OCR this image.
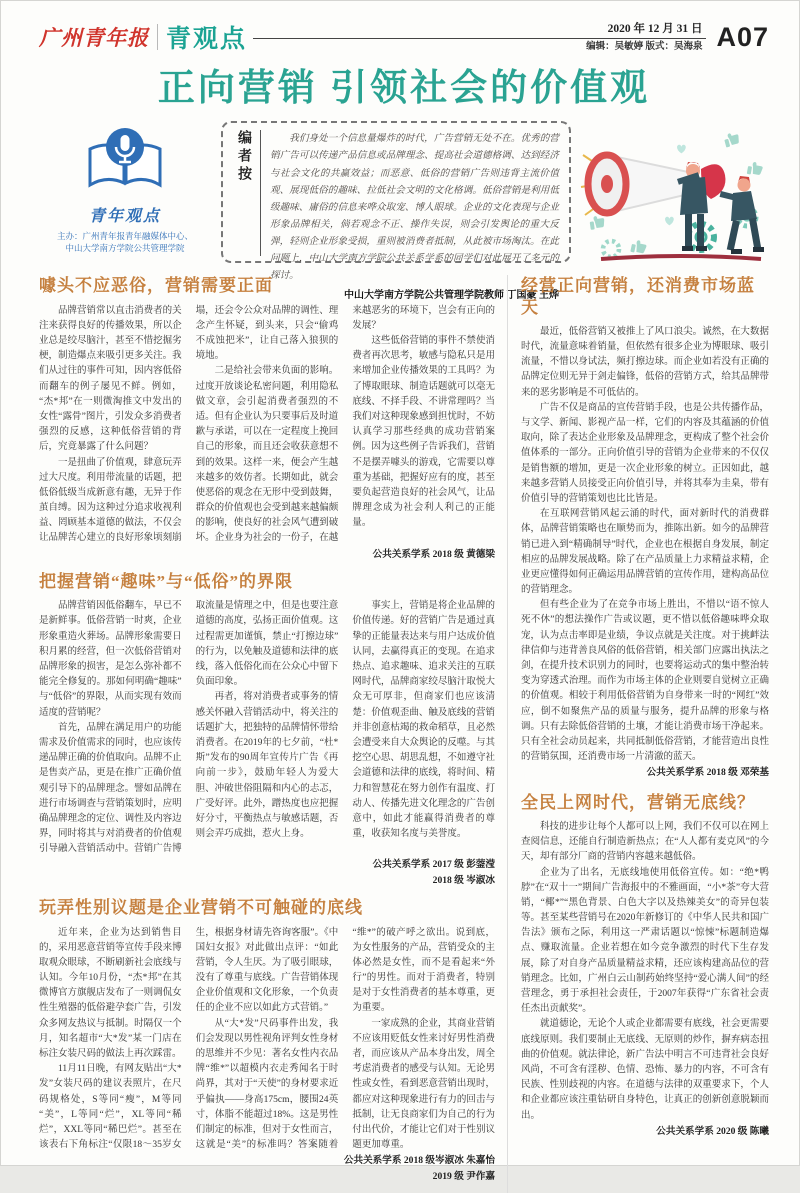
广州青年报 青观点	2020 年 12 月 31 日
编辑：吴敏婷 版式：吴海泉 A07
正向营销 引领社会的价值观
青年观点
主办：广州青年报青年融媒体中心、
中山大学南方学院公共管理学院
编者按	我们身处一个信息量爆炸的时代，广告营销无处不在。优秀的营销广告可以传递产品信息或品牌理念、提高社会道德格调、达到经济与社会文化的共赢效益；而恶意、低俗的营销广告则违背主流价值观、展现低俗的趣味、拉低社会文明的文化格调。低俗营销是利用低级趣味、庸俗的信息来哗众取宠、博人眼球。企业的文化表现与企业形象品牌相关，倘若观念不正、操作失误，则会引发舆论的重大反弹，轻则企业形象受损，重则被消费者抵制，从此被市场淘汰。在此问题上，中山大学南方学院公共关系学系的同学们对此展开了多元的探讨。

中山大学南方学院公共管理学院教师 丁国豪 王烨
噱头不应恶俗，营销需要正面

品牌营销常以直击消费者的关注来获得良好的传播效果，所以企业总是绞尽脑汁，甚至不惜挖掘劣梗，制造爆点来吸引更多关注。我们从过往的事件可知，因内容低俗而翻车的例子屡见不鲜。例如，“杰*邦”在一则微淘推文中发出的女性“露骨”图片，引发众多消费者强烈的反感，这种低俗营销的背后，究竟暴露了什么问题？

一是扭曲了价值观，肆意玩弄过大尺度。利用带流量的话题，把低俗低级当成新意有趣，无异于作茧自缚。因为这种过分追求收视利益、罔顾基本道德的做法，不仅会让品牌苦心建立的良好形象顷刻崩塌，还会令公众对品牌的调性、理念产生怀疑，到头来，只会“偷鸡不成蚀把米”，让自己落入狼狈的境地。

二是给社会带来负面的影响。过度开放谈论私密问题，利用隐私做文章，会引起消费者强烈的不适。但有企业认为只要事后及时道歉与承诺，可以在一定程度上挽回自己的形象，而且还会收获意想不到的效果。这样一来，便会产生越来越多的效仿者。长期如此，就会使恶俗的观念在无形中受到鼓舞，群众的价值观也会受到越来越偏颇的影响，使良好的社会风气遭到破坏。企业身为社会的一份子，在越来越恶劣的环境下，岂会有正向的发展？

这些低俗营销的事件不禁使消费者再次思考，敏感与隐私只是用来增加企业传播效果的工具吗？为了博取眼球、制造话题就可以毫无底线、不择手段、不讲常理吗？当我们对这种现象感到担忧时，不妨认真学习那些经典的成功营销案例。因为这些例子告诉我们，营销不是摆弄噱头的游戏，它需要以尊重为基础，把握好应有的度，甚至要负起营造良好的社会风气，让品牌理念成为社会利人利己的正能量。

公共关系学系 2018 级 黄德梁

把握营销“趣味”与“低俗”的界限

品牌营销因低俗翻车，早已不是新鲜事。低俗营销一时爽，企业形象重造火葬场。品牌形象需要日积月累的经营，但一次低俗营销对品牌形象的损害，是怎么弥补都不能完全修复的。那如何明确“趣味”与“低俗”的界限，从而实现有效而适度的营销呢？

首先，品牌在满足用户的功能需求及价值需求的同时，也应该传递品牌正确的价值取向。品牌不止是售卖产品，更是在推广正确价值观引导下的品牌理念。譬如品牌在进行市场调查与营销策划时，应明确品牌理念的定位、调性及内容边界，同时将其与对消费者的价值观引导融入营销活动中。营销广告博取流量是情理之中，但是也要注意道德的高度，弘扬正面价值观。这过程需更加谨慎，禁止“打擦边球”的行为，以免触及道德和法律的底线，落入低俗化而在公众心中留下负面印象。

再者，将对消费者或事务的情感关怀融入营销活动中，将关注的话题扩大，把独特的品牌情怀带给消费者。在2019年的七夕前，“杜*斯”发布的90周年宣传片广告《再向前一步》，鼓励年轻人为爱大胆、冲破世俗阻隔和内心的忐忑，广受好评。此外，蹭热度也应把握好分寸，平衡热点与敏感话题，否则会弄巧成拙，惹火上身。

事实上，营销是将企业品牌的价值传递。好的营销广告是通过真挚的正能量表达来与用户达成价值认同，去赢得真正的变现。在追求热点、追求趣味、追求关注的互联网时代，品牌商家绞尽脑汁取悦大众无可厚非，但商家们也应该清楚：价值观歪曲、触及底线的营销并非创意枯竭的救命稻草，且必然会遭受来自大众舆论的反噬。与其挖空心思、胡思乱想，不如遵守社会道德和法律的底线，将时间、精力和智慧花在努力创作有温度、打动人、传播先进文化理念的广告创意中，如此才能赢得消费者的尊重，收获知名度与美誉度。

公共关系学系 2017 级 彭蓥滢

2018 级 岑淑冰

玩弄性别议题是企业营销不可触碰的底线

近年来，企业为达到销售目的，采用恶意营销等宣传手段来博取观众眼球，不断刷新社会底线与认知。今年10月份，“杰*邦”在其微博官方旗舰店发布了一则调侃女性生殖器的低俗避孕套广告，引发众多网友热议与抵制。时隔仅一个月，知名超市“大*发”某一门店在标注女装尺码的做法上再次踩雷。

11月11日晚，有网友贴出“大*发”女装尺码的建议表照片，在尺码规格处，S等同“瘦”，M等同“美”，L等同“烂”，XL等同“稀烂”，XXL等同“稀巴烂”。甚至在该表右下角标注“仅限18～35岁女生，根据身材请先咨询客服”。《中国妇女报》对此做出点评：“如此营销，令人生厌。为了吸引眼球，没有了尊重与底线。广告营销体现企业价值观和文化形象，一个负责任的企业不应以如此方式营销。”

从“大*发”尺码事件出发，我们会发现以男性视角评判女性身材的思维并不少见：著名女性内衣品牌“维*”以超模内衣走秀闻名于时尚界，其对于“天使”的身材要求近乎偏执——身高175cm，腰围24英寸，体脂不能超过18%。这是男性们制定的标准，但对于女性而言，这就是“美”的标准吗？答案随着“维*”的破产呼之欲出。说到底，为女性服务的产品，营销受众的主体必然是女性，而不是看起来“外行”的男性。而对于消费者，特别是对于女性消费者的基本尊重，更为重要。

一家成熟的企业，其商业营销不应该用贬低女性来讨好男性消费者，而应该从产品本身出发，周全考虑消费者的感受与认知。无论男性或女性，看到恶意营销出现时，都应对这种现象进行有力的回击与抵制，让无良商家们为自己的行为付出代价，才能让它们对于性别议题更加尊重。

公共关系学系 2018 级岑淑冰 朱嘉怡

2019 级 尹作嘉

经营正向营销，还消费市场蓝天

最近，低俗营销又被推上了风口浪尖。诚然，在大数据时代，流量意味着销量，但依然有很多企业为博眼球、吸引流量，不惜以身试法，频打擦边球。而企业如若没有正确的品牌定位则无异于剑走偏锋，低俗的营销方式，给其品牌带来的恶劣影响是不可低估的。

广告不仅是商品的宣传营销手段，也是公共传播作品，与文学、新闻、影视产品一样，它们的内容及其蕴涵的价值取向，除了表达企业形象及品牌理念，更构成了整个社会价值体系的一部分。正向价值引导的营销为企业带来的不仅仅是销售额的增加，更是一次企业形象的树立。正因如此，越来越多营销人员接受正向价值引导，并将其奉为圭臬，带有价值引导的营销策划也比比皆是。

在互联网营销风起云涌的时代，面对新时代的消费群体，品牌营销策略也在顺势而为，推陈出新。如今的品牌营销已进入到“精确制导”时代，企业也在根据自身发展，制定相应的品牌发展战略。除了在产品质量上力求精益求精，企业更应懂得如何正确运用品牌营销的宣传作用，建构高品位的营销理念。

但有些企业为了在竞争市场上胜出，不惜以“语不惊人死不休”的想法操作广告或议题，更不惜以低俗趣味哗众取宠，认为点击率即是业绩，争议点就是关注度。对于挑衅法律信仰与违背善良风俗的低俗营销，相关部门应露出执法之剑，在提升技术识别力的同时，也要将运动式的集中整治转变为穿透式治理。而作为市场主体的企业则要自觉树立正确的价值观。相较于利用低俗营销为自身带来一时的“网红”效应，倒不如聚焦产品的质量与服务，提升品牌的形象与格调。只有去除低俗营销的土壤，才能让消费市场干净起来。只有全社会动员起来，共同抵制低俗营销，才能营造出良性的营销氛围，还消费市场一片清澈的蓝天。

公共关系学系 2018 级 邓荣基

全民上网时代，营销无底线？

科技的进步让每个人都可以上网，我们不仅可以在网上查阅信息，还能自行制造新热点；在“人人都有麦克风”的今天，却有部分厂商的营销内容越来越低俗。

企业为了出名，无底线地使用低俗宣传。如：“绝*鸭脖”在“双十一”期间广告海报中的不雅画面，“小*茶”夸大营销，“椰*”“黑色背景、白色大字以及热辣美女”的奇异包装等。甚至某些营销号在2020年新修订的《中华人民共和国广告法》颁布之际，利用这一严肃话题以“惊悚”标题制造爆点、赚取流量。企业若想在如今竞争激烈的时代下生存发展，除了对自身产品质量精益求精，还应该构建高品位的营销理念。比如，广州白云山制药始终坚持“爱心满人间”的经营理念，勇于承担社会责任，于2007年获得“广东省社会责任杰出贡献奖”。

就道德论，无论个人或企业都需要有底线，社会更需要底线原则。我们要制止无底线、无原则的炒作，摒弃病态扭曲的价值观。就法律论，新广告法中明言不可违背社会良好风尚，不可含有淫秽、色情、恐怖、暴力的内容，不可含有民族、性别歧视的内容。在道德与法律的双重要求下，个人和企业都应该注重钻研自身特色，让真正的创新创意脱颖而出。

公共关系学系 2020 级 陈曦
